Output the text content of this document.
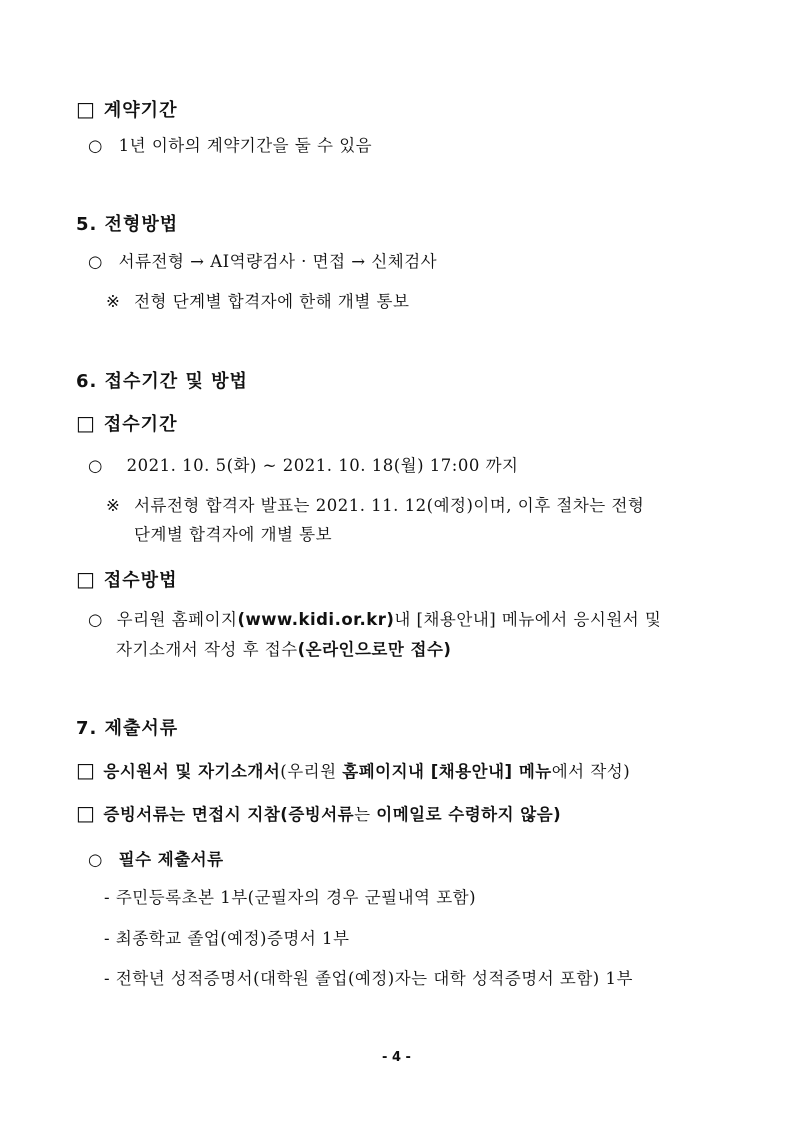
□ 계약기간
○ 1년 이하의 계약기간을 둘 수 있음
5. 전형방법
○ 서류전형 → AI역량검사 · 면접 → 신체검사
※ 전형 단계별 합격자에 한해 개별 통보
6. 접수기간 및 방법
□ 접수기간
○ 2021. 10. 5(화) ~ 2021. 10. 18(월) 17:00 까지
※ 서류전형 합격자 발표는 2021. 11. 12(예정)이며, 이후 절차는 전형
단계별 합격자에 개별 통보
□ 접수방법
○ 우리원 홈페이지(www.kidi.or.kr)내 [채용안내] 메뉴에서 응시원서 및
자기소개서 작성 후 접수(온라인으로만 접수)
7. 제출서류
□ 응시원서 및 자기소개서(우리원 홈페이지내 [채용안내] 메뉴에서 작성)
□ 증빙서류는 면접시 지참(증빙서류는 이메일로 수령하지 않음)
○ 필수 제출서류
- 주민등록초본 1부(군필자의 경우 군필내역 포함)
- 최종학교 졸업(예정)증명서 1부
- 전학년 성적증명서(대학원 졸업(예정)자는 대학 성적증명서 포함) 1부
- 4 -
